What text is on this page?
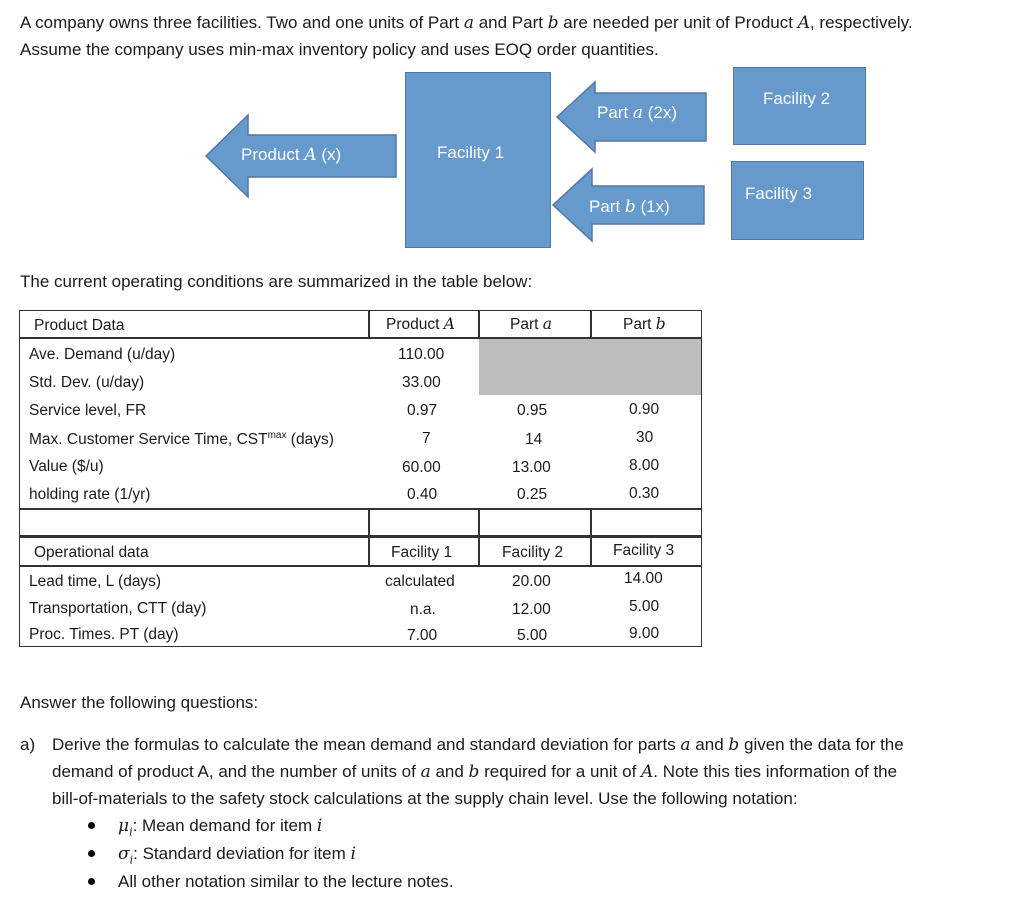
A company owns three facilities. Two and one units of Part a and Part b are needed per unit of Product A, respectively.
Assume the company uses min-max inventory policy and uses EOQ order quantities.
Product A (x)	Facility 1
Part a (2x)
Part b (1x)
Facility 2
Facility 3
The current operating conditions are summarized in the table below:
Product Data	Product A	Part a	Part b
Ave. Demand (u/day)	110.00
Std. Dev. (u/day)	33.00
Service level, FR	0.97	0.95	0.90
Max. Customer Service Time, $CST^{max}$ (days)	7	14	30
Value ($/u)	60.00	13.00	8.00
holding rate (1/yr)	0.40	0.25	0.30
Operational data	Facility 1	Facility 2	Facility 3
Lead time, L (days)	calculated	20.00	14.00
Transportation, CTT (day)	n.a.	12.00	5.00
Proc. Times. PT (day)	7.00	5.00	9.00
Answer the following questions:
a) Derive the formulas to calculate the mean demand and standard deviation for parts a and b given the data for the
demand of product A, and the number of units of a and b required for a unit of A. Note this ties information of the
bill-of-materials to the safety stock calculations at the supply chain level. Use the following notation:
$\mu_i$: Mean demand for item i
$\sigma_i$: Standard deviation for item i
All other notation similar to the lecture notes.
